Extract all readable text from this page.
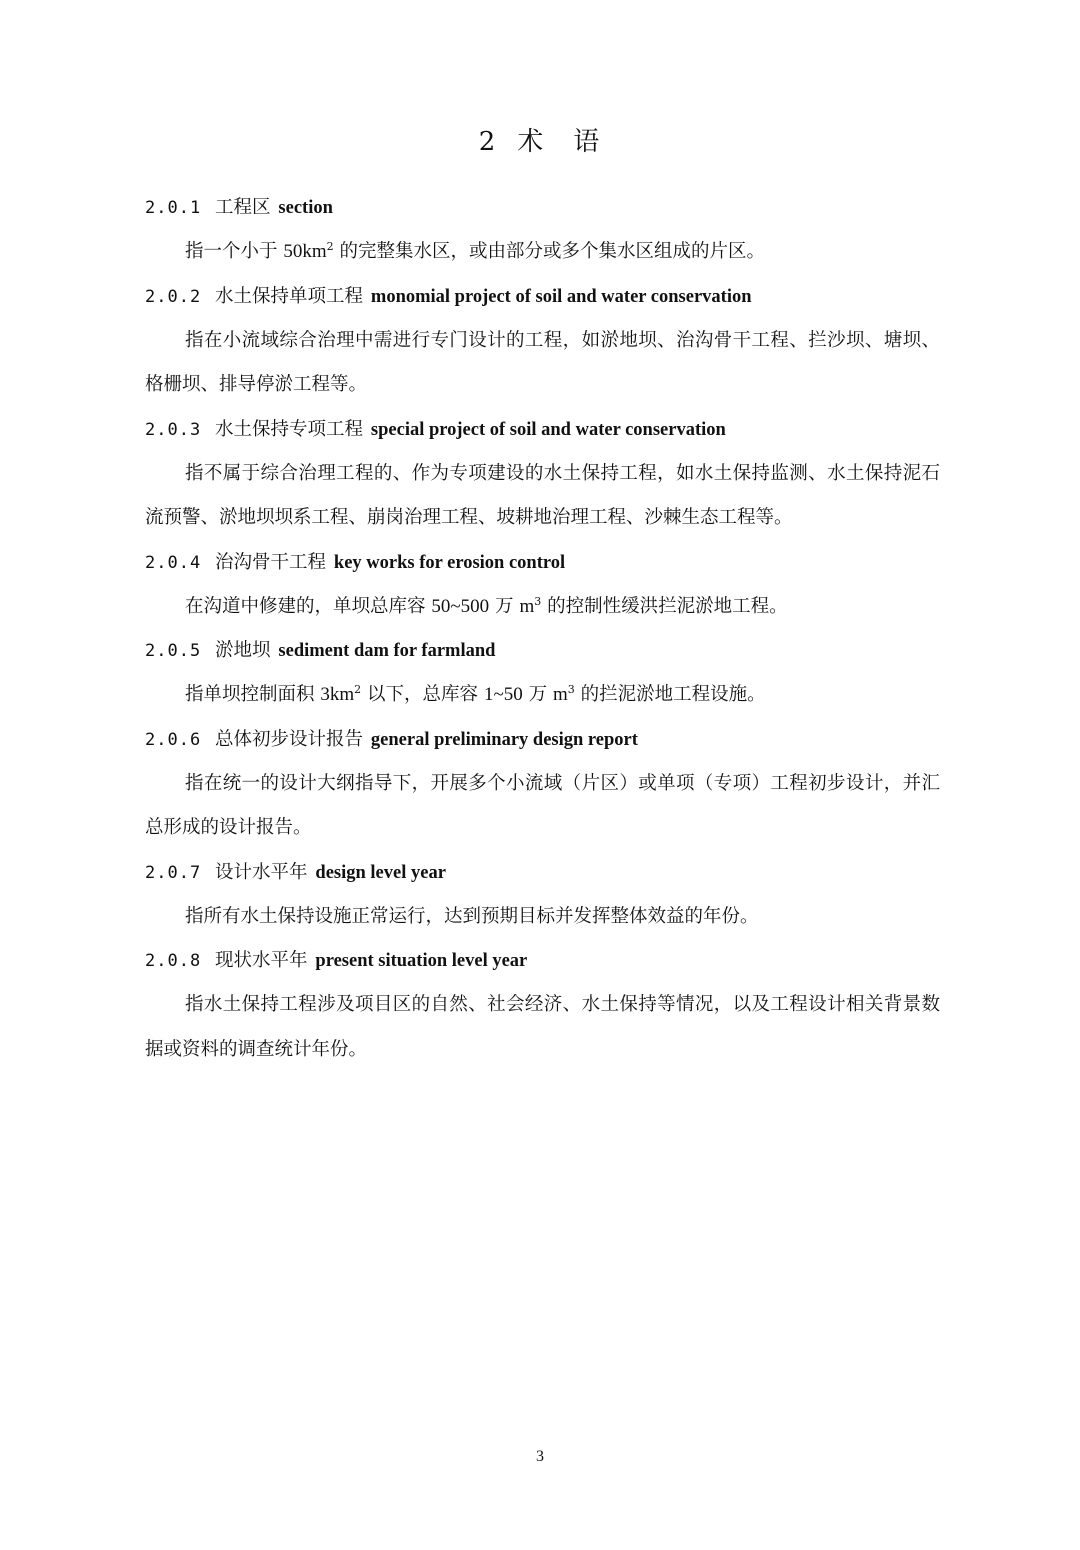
2 术 语
2.0.1 工程区 section

指一个小于 $50km^2$ 的完整集水区，或由部分或多个集水区组成的片区。

2.0.2 水土保持单项工程 monomial project of soil and water conservation

指在小流域综合治理中需进行专门设计的工程，如淤地坝、治沟骨干工程、拦沙坝、塘坝、格栅坝、排导停淤工程等。

2.0.3 水土保持专项工程 special project of soil and water conservation

指不属于综合治理工程的、作为专项建设的水土保持工程，如水土保持监测、水土保持泥石流预警、淤地坝坝系工程、崩岗治理工程、坡耕地治理工程、沙棘生态工程等。

2.0.4 治沟骨干工程 key works for erosion control

在沟道中修建的，单坝总库容 50~500 万 $m^3$ 的控制性缓洪拦泥淤地工程。

2.0.5 淤地坝 sediment dam for farmland

指单坝控制面积 $3km^2$ 以下，总库容 1~50 万 $m^3$ 的拦泥淤地工程设施。

2.0.6 总体初步设计报告 general preliminary design report

指在统一的设计大纲指导下，开展多个小流域（片区）或单项（专项）工程初步设计，并汇总形成的设计报告。

2.0.7 设计水平年 design level year

指所有水土保持设施正常运行，达到预期目标并发挥整体效益的年份。

2.0.8 现状水平年 present situation level year

指水土保持工程涉及项目区的自然、社会经济、水土保持等情况，以及工程设计相关背景数据或资料的调查统计年份。

3
